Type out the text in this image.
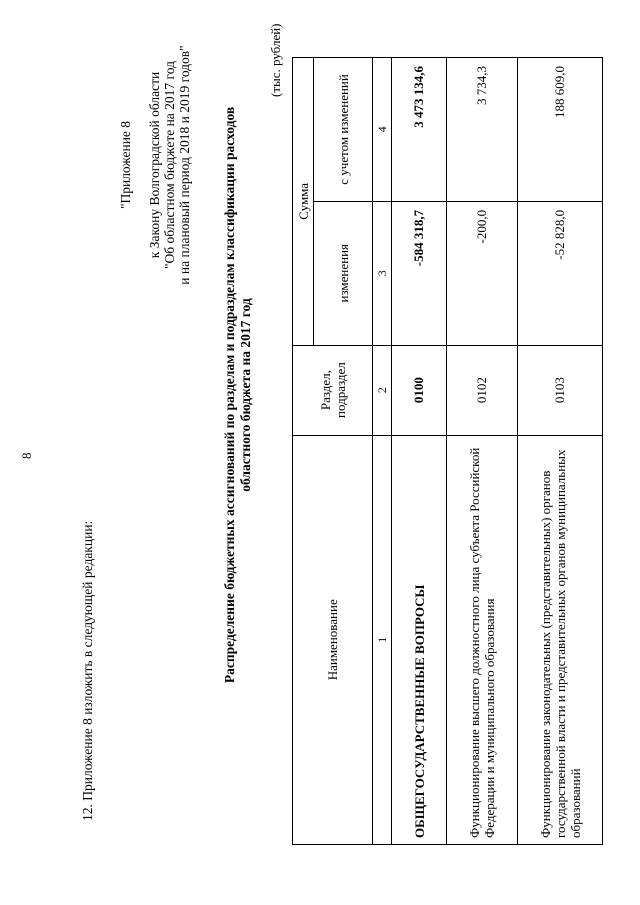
8
12. Приложение 8 изложить в следующей редакции:
"Приложение 8 к Закону Волгоградской области "Об областном бюджете на 2017 год и на плановый период 2018 и 2019 годов" Распределение бюджетных ассигнований по разделам и подразделам классификации расходов областного бюджета на 2017 год
(тыс. рублей)
Наименование	Раздел, подраздел	Сумма	
		изменения	с учетом изменений
1	2	3	4
ОБЩЕГОСУДАРСТВЕННЫЕ ВОПРОСЫ	0100	-584 318,7	3 473 134,6
Функционирование высшего должностного лица субъекта Российской Федерации и муниципального образования	0102	-200,0	3 734,3
Функционирование законодательных (представительных) органов государственной власти и представительных органов муниципальных образований	0103	-52 828,0	188 609,0
